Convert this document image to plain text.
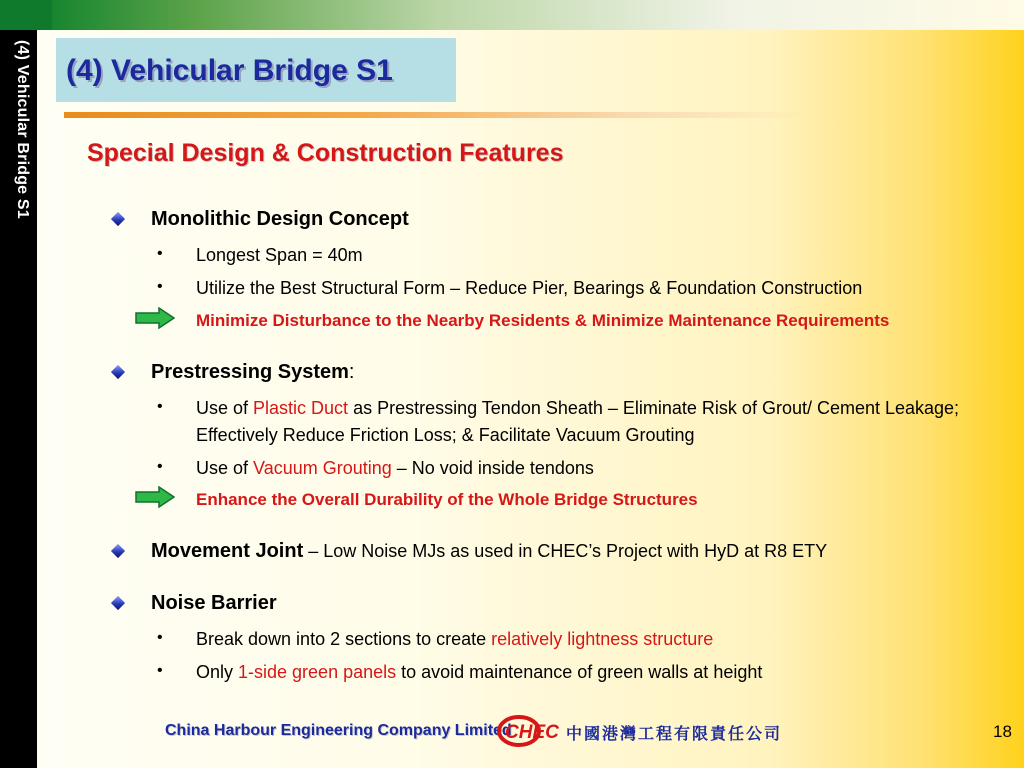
(4) Vehicular Bridge S1 (4) Vehicular Bridge S1
Special Design & Construction Features
Monolithic Design Concept
• Longest Span = 40m
• Utilize the Best Structural Form – Reduce Pier, Bearings & Foundation Construction
Minimize Disturbance to the Nearby Residents & Minimize Maintenance Requirements
Prestressing System:
• Use of Plastic Duct as Prestressing Tendon Sheath – Eliminate Risk of Grout/ Cement Leakage;
Effectively Reduce Friction Loss; & Facilitate Vacuum Grouting
• Use of Vacuum Grouting – No void inside tendons
Enhance the Overall Durability of the Whole Bridge Structures
Movement Joint – Low Noise MJs as used in CHEC’s Project with HyD at R8 ETY
Noise Barrier
• Break down into 2 sections to create relatively lightness structure
• Only 1-side green panels to avoid maintenance of green walls at height
China Harbour Engineering Company Limited
CHEC 中國港灣工程有限責任公司	18
